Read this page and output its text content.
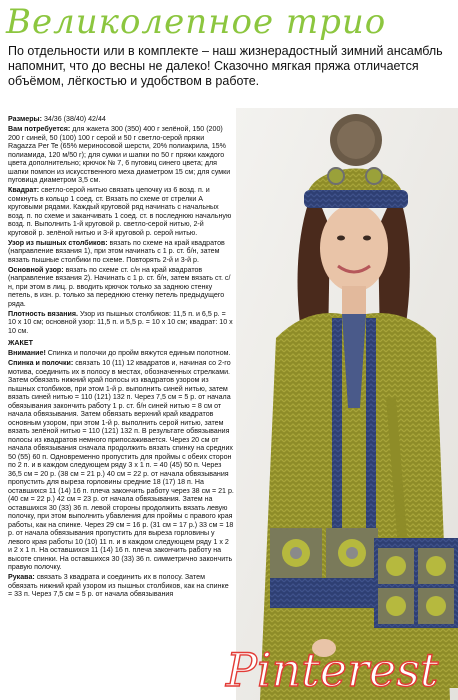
Великолепное трио
По отдельности или в комплекте – наш жизнерадостный зимний ансамбль напомнит, что до весны не далеко! Сказочно мягкая пряжа отличается объёмом, лёгкостью и удобством в работе.

Размеры: 34/36 (38/40) 42/44

Вам потребуется: для жакета 300 (350) 400 г зелёной, 150 (200) 200 г синей, 50 (100) 100 г серой и 50 г светло-серой пряжи Ragazza Per Te (65% мериносовой шерсти, 20% полиакрила, 15% полиамида, 120 м/50 г); для сумки и шапки по 50 г пряжи каждого цвета дополнительно; крючок № 7, 6 пуговиц синего цвета; для шапки помпон из искусственного меха диаметром 15 см; для сумки пуговица диаметром 3,5 см.

Квадрат: светло-серой нитью связать цепочку из 6 возд. п. и сомкнуть в кольцо 1 соед. ст. Вязать по схеме от стрелки А круговыми рядами. Каждый круговой ряд начинать с начальных возд. п. по схеме и заканчивать 1 соед. ст. в последнюю начальную возд. п. Выполнить 1-й круговой р. светло-серой нитью, 2-й круговой р. зелёной нитью и 3-й круговой р. серой нитью.

Узор из пышных столбиков: вязать по схеме на край квадратов (направление вязания 1), при этом начинать с 1 р. ст. б/н, затем вязать пышные столбики по схеме. Повторять 2-й и 3-й р.

Основной узор: вязать по схеме ст. с/н на край квадратов (направление вязания 2). Начинать с 1 р. ст. б/н, затем вязать ст. с/н, при этом в лиц. р. вводить крючок только за заднюю стенку петель, в изн. р. только за переднюю стенку петель предыдущего ряда.

Плотность вязания. Узор из пышных столбиков: 11,5 п. и 6,5 р. = 10 х 10 см; основной узор: 11,5 п. и 5,5 р. = 10 х 10 см; квадрат: 10 х 10 см.

ЖАКЕТ

Внимание! Спинка и полочки до пройм вяжутся единым полотном.

Спинка и полочки: связать 10 (11) 12 квадратов и, начиная со 2-го мотива, соединить их в полосу в местах, обозначенных стрелками. Затем обвязать нижний край полосы из квадратов узором из пышных столбиков, при этом 1-й р. выполнить синей нитью, затем вязать синей нитью = 110 (121) 132 п. Через 7,5 см = 5 р. от начала обвязывания закончить работу 1 р. ст. б/н синей нитью = 8 см от начала обвязывания. Затем обвязать верхний край квадратов основным узором, при этом 1-й р. выполнить серой нитью, затем вязать зелёной нитью = 110 (121) 132 п. В результате обвязывания полосы из квадратов немного припосаживается. Через 20 см от начала обвязывания сначала продолжить вязать спинку на средних 50 (55) 60 п. Одновременно пропустить для проймы с обеих сторон по 2 п. и в каждом следующем ряду 3 х 1 п. = 40 (45) 50 п. Через 36,5 см = 20 р. (38 см = 21 р.) 40 см = 22 р. от начала обвязывания пропустить для выреза горловины средние 18 (17) 18 п. На оставшихся 11 (14) 16 п. плеча закончить работу через 38 см = 21 р. (40 см = 22 р.) 42 см = 23 р. от начала обвязывания. Затем на оставшихся 30 (33) 36 п. левой стороны продолжить вязать левую полочку, при этом выполнить убавления для проймы с правого края работы, как на спинке. Через 29 см = 16 р. (31 см = 17 р.) 33 см = 18 р. от начала обвязывания пропустить для выреза горловины у левого края работы 10 (10) 11 п. и в каждом следующем ряду 1 х 2 и 2 х 1 п. На оставшихся 11 (14) 16 п. плеча закончить работу на высоте спинки. На оставшихся 30 (33) 36 п. симметрично закончить правую полочку.

Рукава: связать 3 квадрата и соединить их в полосу. Затем обвязать нижний край узором из пышных столбиков, как на спинке = 33 п. Через 7,5 см = 5 р. от начала обвязывания

Pinterest
